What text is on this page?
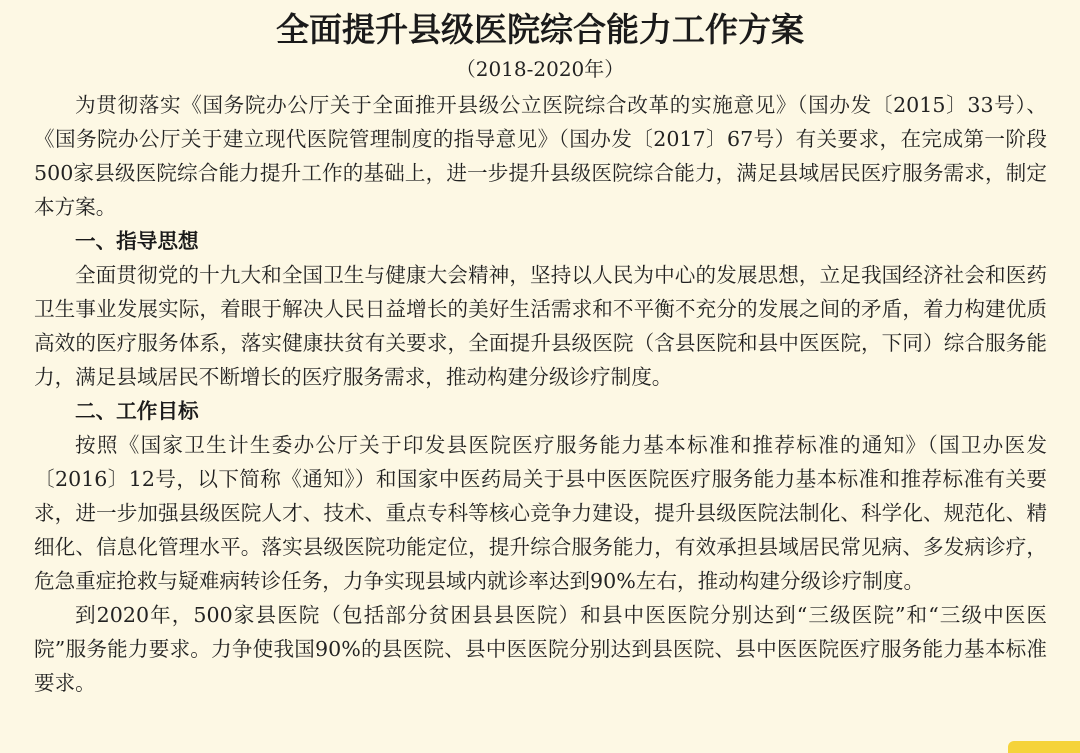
全面提升县级医院综合能力工作方案
（2018-2020年）

为贯彻落实《国务院办公厅关于全面推开县级公立医院综合改革的实施意见》（国办发〔2015〕33号）、《国务院办公厅关于建立现代医院管理制度的指导意见》（国办发〔2017〕67号）有关要求，在完成第一阶段500家县级医院综合能力提升工作的基础上，进一步提升县级医院综合能力，满足县域居民医疗服务需求，制定本方案。

一、指导思想

全面贯彻党的十九大和全国卫生与健康大会精神，坚持以人民为中心的发展思想，立足我国经济社会和医药卫生事业发展实际，着眼于解决人民日益增长的美好生活需求和不平衡不充分的发展之间的矛盾，着力构建优质高效的医疗服务体系，落实健康扶贫有关要求，全面提升县级医院（含县医院和县中医医院，下同）综合服务能力，满足县域居民不断增长的医疗服务需求，推动构建分级诊疗制度。

二、工作目标

按照《国家卫生计生委办公厅关于印发县医院医疗服务能力基本标准和推荐标准的通知》（国卫办医发〔2016〕12号，以下简称《通知》）和国家中医药局关于县中医医院医疗服务能力基本标准和推荐标准有关要求，进一步加强县级医院人才、技术、重点专科等核心竞争力建设，提升县级医院法制化、科学化、规范化、精细化、信息化管理水平。落实县级医院功能定位，提升综合服务能力，有效承担县域居民常见病、多发病诊疗，危急重症抢救与疑难病转诊任务，力争实现县域内就诊率达到90%左右，推动构建分级诊疗制度。

到2020年，500家县医院（包括部分贫困县县医院）和县中医医院分别达到“三级医院”和“三级中医医院”服务能力要求。力争使我国90%的县医院、县中医医院分别达到县医院、县中医医院医疗服务能力基本标准要求。
